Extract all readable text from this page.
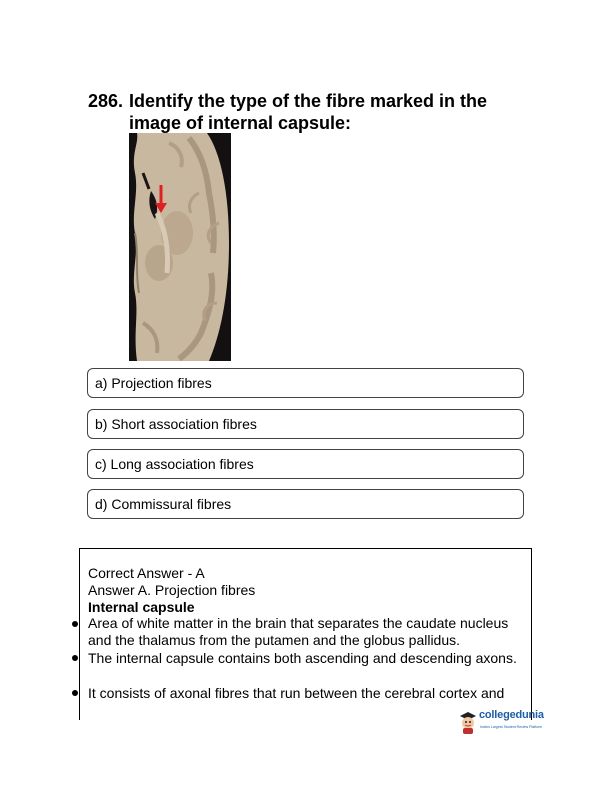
286. Identify the type of the fibre marked in the image of internal capsule:
a) Projection fibres
b) Short association fibres
c) Long association fibres
d) Commissural fibres
Correct Answer - A
Answer A. Projection fibres
Internal capsule
Area of white matter in the brain that separates the caudate nucleus and the thalamus from the putamen and the globus pallidus.
The internal capsule contains both ascending and descending axons.
It consists of axonal fibres that run between the cerebral cortex and
collegedunia
India's Largest Student Review Platform
